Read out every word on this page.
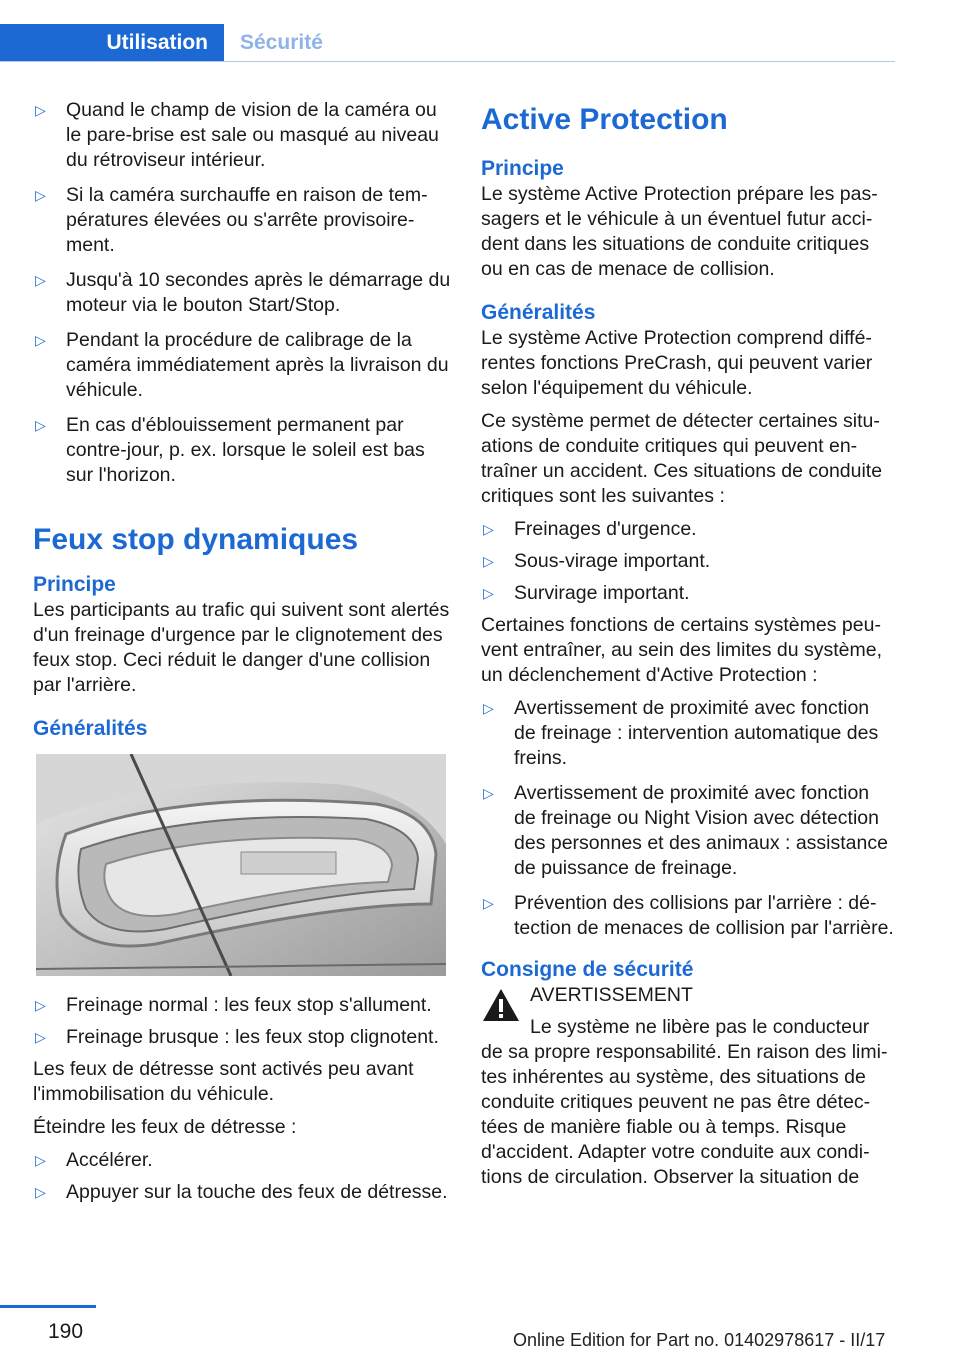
Utilisation	Sécurité
▷ Quand le champ de vision de la caméra ou le pare-brise est sale ou masqué au niveau du rétroviseur intérieur.
▷ Si la caméra surchauffe en raison de températures élevées ou s'arrête provisoirement.
▷ Jusqu'à 10 secondes après le démarrage du moteur via le bouton Start/Stop.
▷ Pendant la procédure de calibrage de la caméra immédiatement après la livraison du véhicule.
▷ En cas d'éblouissement permanent par contre-jour, p. ex. lorsque le soleil est bas sur l'horizon.
Feux stop dynamiques
Principe

Les participants au trafic qui suivent sont alertés d'un freinage d'urgence par le clignotement des feux stop. Ceci réduit le danger d'une collision par l'arrière.

Généralités
▷ Freinage normal : les feux stop s'allument.
▷ Freinage brusque : les feux stop clignotent.

Les feux de détresse sont activés peu avant l'immobilisation du véhicule.

Éteindre les feux de détresse :

▷ Accélérer.
▷ Appuyer sur la touche des feux de détresse.
Active Protection
Principe

Le système Active Protection prépare les passagers et le véhicule à un éventuel futur accident dans les situations de conduite critiques ou en cas de menace de collision.

Généralités

Le système Active Protection comprend différentes fonctions PreCrash, qui peuvent varier selon l'équipement du véhicule.

Ce système permet de détecter certaines situations de conduite critiques qui peuvent entraîner un accident. Ces situations de conduite critiques sont les suivantes :

▷ Freinages d'urgence.
▷ Sous-virage important.
▷ Survirage important.

Certaines fonctions de certains systèmes peuvent entraîner, au sein des limites du système, un déclenchement d'Active Protection :

▷ Avertissement de proximité avec fonction de freinage : intervention automatique des freins.
▷ Avertissement de proximité avec fonction de freinage ou Night Vision avec détection des personnes et des animaux : assistance de puissance de freinage.
▷ Prévention des collisions par l'arrière : détection de menaces de collision par l'arrière.
Consigne de sécurité
AVERTISSEMENT
Le système ne libère pas le conducteur

de sa propre responsabilité. En raison des limites inhérentes au système, des situations de conduite critiques peuvent ne pas être détectées de manière fiable ou à temps. Risque d'accident. Adapter votre conduite aux conditions de circulation. Observer la situation de

190	Online Edition for Part no. 01402978617 - II/17
